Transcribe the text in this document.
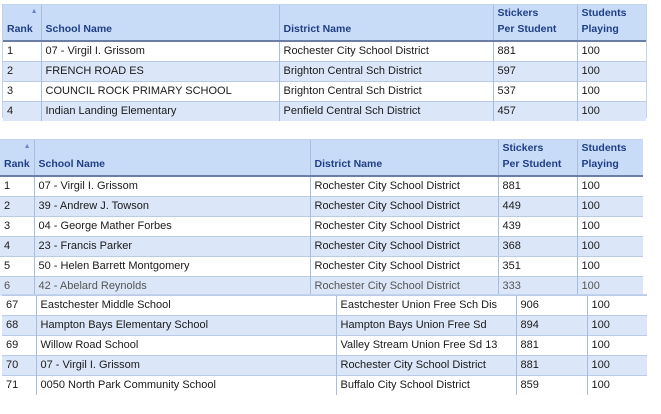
▲
Rank	School Name	District Name	Stickers
Per Student	Students
Playing
1	07 - Virgil I. Grissom	Rochester City School District	881	100
2	FRENCH ROAD ES	Brighton Central Sch District	597	100
3	COUNCIL ROCK PRIMARY SCHOOL	Brighton Central Sch District	537	100
4	Indian Landing Elementary	Penfield Central Sch District	457	100
▲
Rank	School Name	District Name	Stickers
Per Student	Students
Playing
1	07 - Virgil I. Grissom	Rochester City School District	881	100
2	39 - Andrew J. Towson	Rochester City School District	449	100
3	04 - George Mather Forbes	Rochester City School District	439	100
4	23 - Francis Parker	Rochester City School District	368	100
5	50 - Helen Barrett Montgomery	Rochester City School District	351	100
6	42 - Abelard Reynolds	Rochester City School District	333	100
67	Eastchester Middle School	Eastchester Union Free Sch Dis	906	100
68	Hampton Bays Elementary School	Hampton Bays Union Free Sd	894	100
69	Willow Road School	Valley Stream Union Free Sd 13	881	100
70	07 - Virgil I. Grissom	Rochester City School District	881	100
71	0050 North Park Community School	Buffalo City School District	859	100
